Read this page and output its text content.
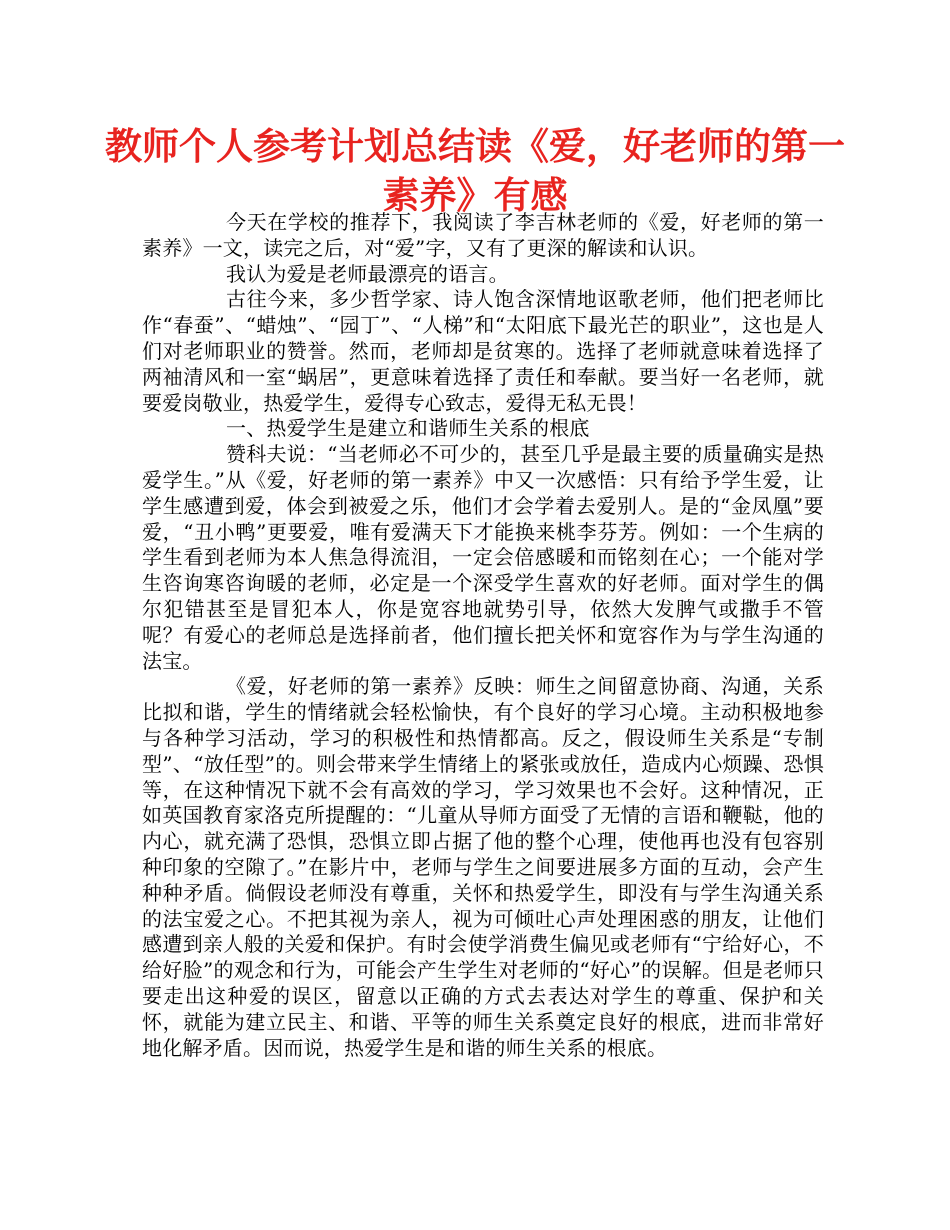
教师个人参考计划总结读《爱，好老师的第一素养》有感

今天在学校的推荐下，我阅读了李吉林老师的《爱，好老师的第一素养》一文，读完之后，对“爱”字，又有了更深的解读和认识。

我认为爱是老师最漂亮的语言。

古往今来，多少哲学家、诗人饱含深情地讴歌老师，他们把老师比作“春蚕”、“蜡烛”、“园丁”、“人梯”和“太阳底下最光芒的职业”，这也是人们对老师职业的赞誉。然而，老师却是贫寒的。选择了老师就意味着选择了两袖清风和一室“蜗居”，更意味着选择了责任和奉献。要当好一名老师，就要爱岗敬业，热爱学生，爱得专心致志，爱得无私无畏！

一、热爱学生是建立和谐师生关系的根底

赞科夫说：“当老师必不可少的，甚至几乎是最主要的质量确实是热爱学生。”从《爱，好老师的第一素养》中又一次感悟：只有给予学生爱，让学生感遭到爱，体会到被爱之乐，他们才会学着去爱别人。是的“金凤凰”要爱，“丑小鸭”更要爱，唯有爱满天下才能换来桃李芬芳。例如：一个生病的学生看到老师为本人焦急得流泪，一定会倍感暖和而铭刻在心；一个能对学生咨询寒咨询暖的老师，必定是一个深受学生喜欢的好老师。面对学生的偶尔犯错甚至是冒犯本人，你是宽容地就势引导，依然大发脾气或撒手不管呢？有爱心的老师总是选择前者，他们擅长把关怀和宽容作为与学生沟通的法宝。

《爱，好老师的第一素养》反映：师生之间留意协商、沟通，关系比拟和谐，学生的情绪就会轻松愉快，有个良好的学习心境。主动积极地参与各种学习活动，学习的积极性和热情都高。反之，假设师生关系是“专制型”、“放任型”的。则会带来学生情绪上的紧张或放任，造成内心烦躁、恐惧等，在这种情况下就不会有高效的学习，学习效果也不会好。这种情况，正如英国教育家洛克所提醒的：“儿童从导师方面受了无情的言语和鞭鞑，他的内心，就充满了恐惧，恐惧立即占据了他的整个心理，使他再也没有包容别种印象的空隙了。”在影片中，老师与学生之间要进展多方面的互动，会产生种种矛盾。倘假设老师没有尊重，关怀和热爱学生，即没有与学生沟通关系的法宝爱之心。不把其视为亲人，视为可倾吐心声处理困惑的朋友，让他们感遭到亲人般的关爱和保护。有时会使学消费生偏见或老师有“宁给好心，不给好脸”的观念和行为，可能会产生学生对老师的“好心”的误解。但是老师只要走出这种爱的误区，留意以正确的方式去表达对学生的尊重、保护和关怀，就能为建立民主、和谐、平等的师生关系奠定良好的根底，进而非常好地化解矛盾。因而说，热爱学生是和谐的师生关系的根底。
